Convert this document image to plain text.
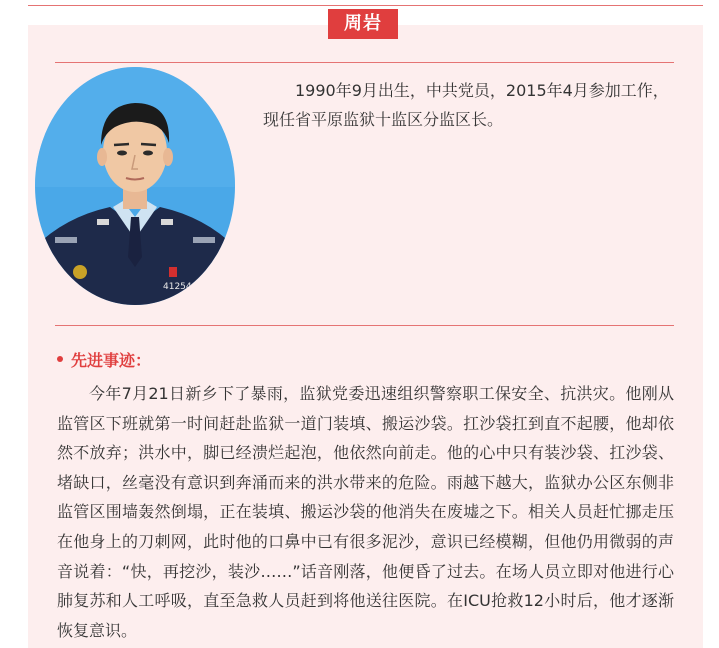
周岩
4125463

1990年9月出生，中共党员，2015年4月参加工作，现任省平原监狱十监区分监区长。

先进事迹：

今年7月21日新乡下了暴雨，监狱党委迅速组织警察职工保安全、抗洪灾。他刚从监管区下班就第一时间赶赴监狱一道门装填、搬运沙袋。扛沙袋扛到直不起腰，他却依然不放弃；洪水中，脚已经溃烂起泡，他依然向前走。他的心中只有装沙袋、扛沙袋、堵缺口，丝毫没有意识到奔涌而来的洪水带来的危险。雨越下越大，监狱办公区东侧非监管区围墙轰然倒塌，正在装填、搬运沙袋的他消失在废墟之下。相关人员赶忙挪走压在他身上的刀刺网，此时他的口鼻中已有很多泥沙，意识已经模糊，但他仍用微弱的声音说着：“快，再挖沙，装沙……”话音刚落，他便昏了过去。在场人员立即对他进行心肺复苏和人工呼吸，直至急救人员赶到将他送往医院。在ICU抢救12小时后，他才逐渐恢复意识。
